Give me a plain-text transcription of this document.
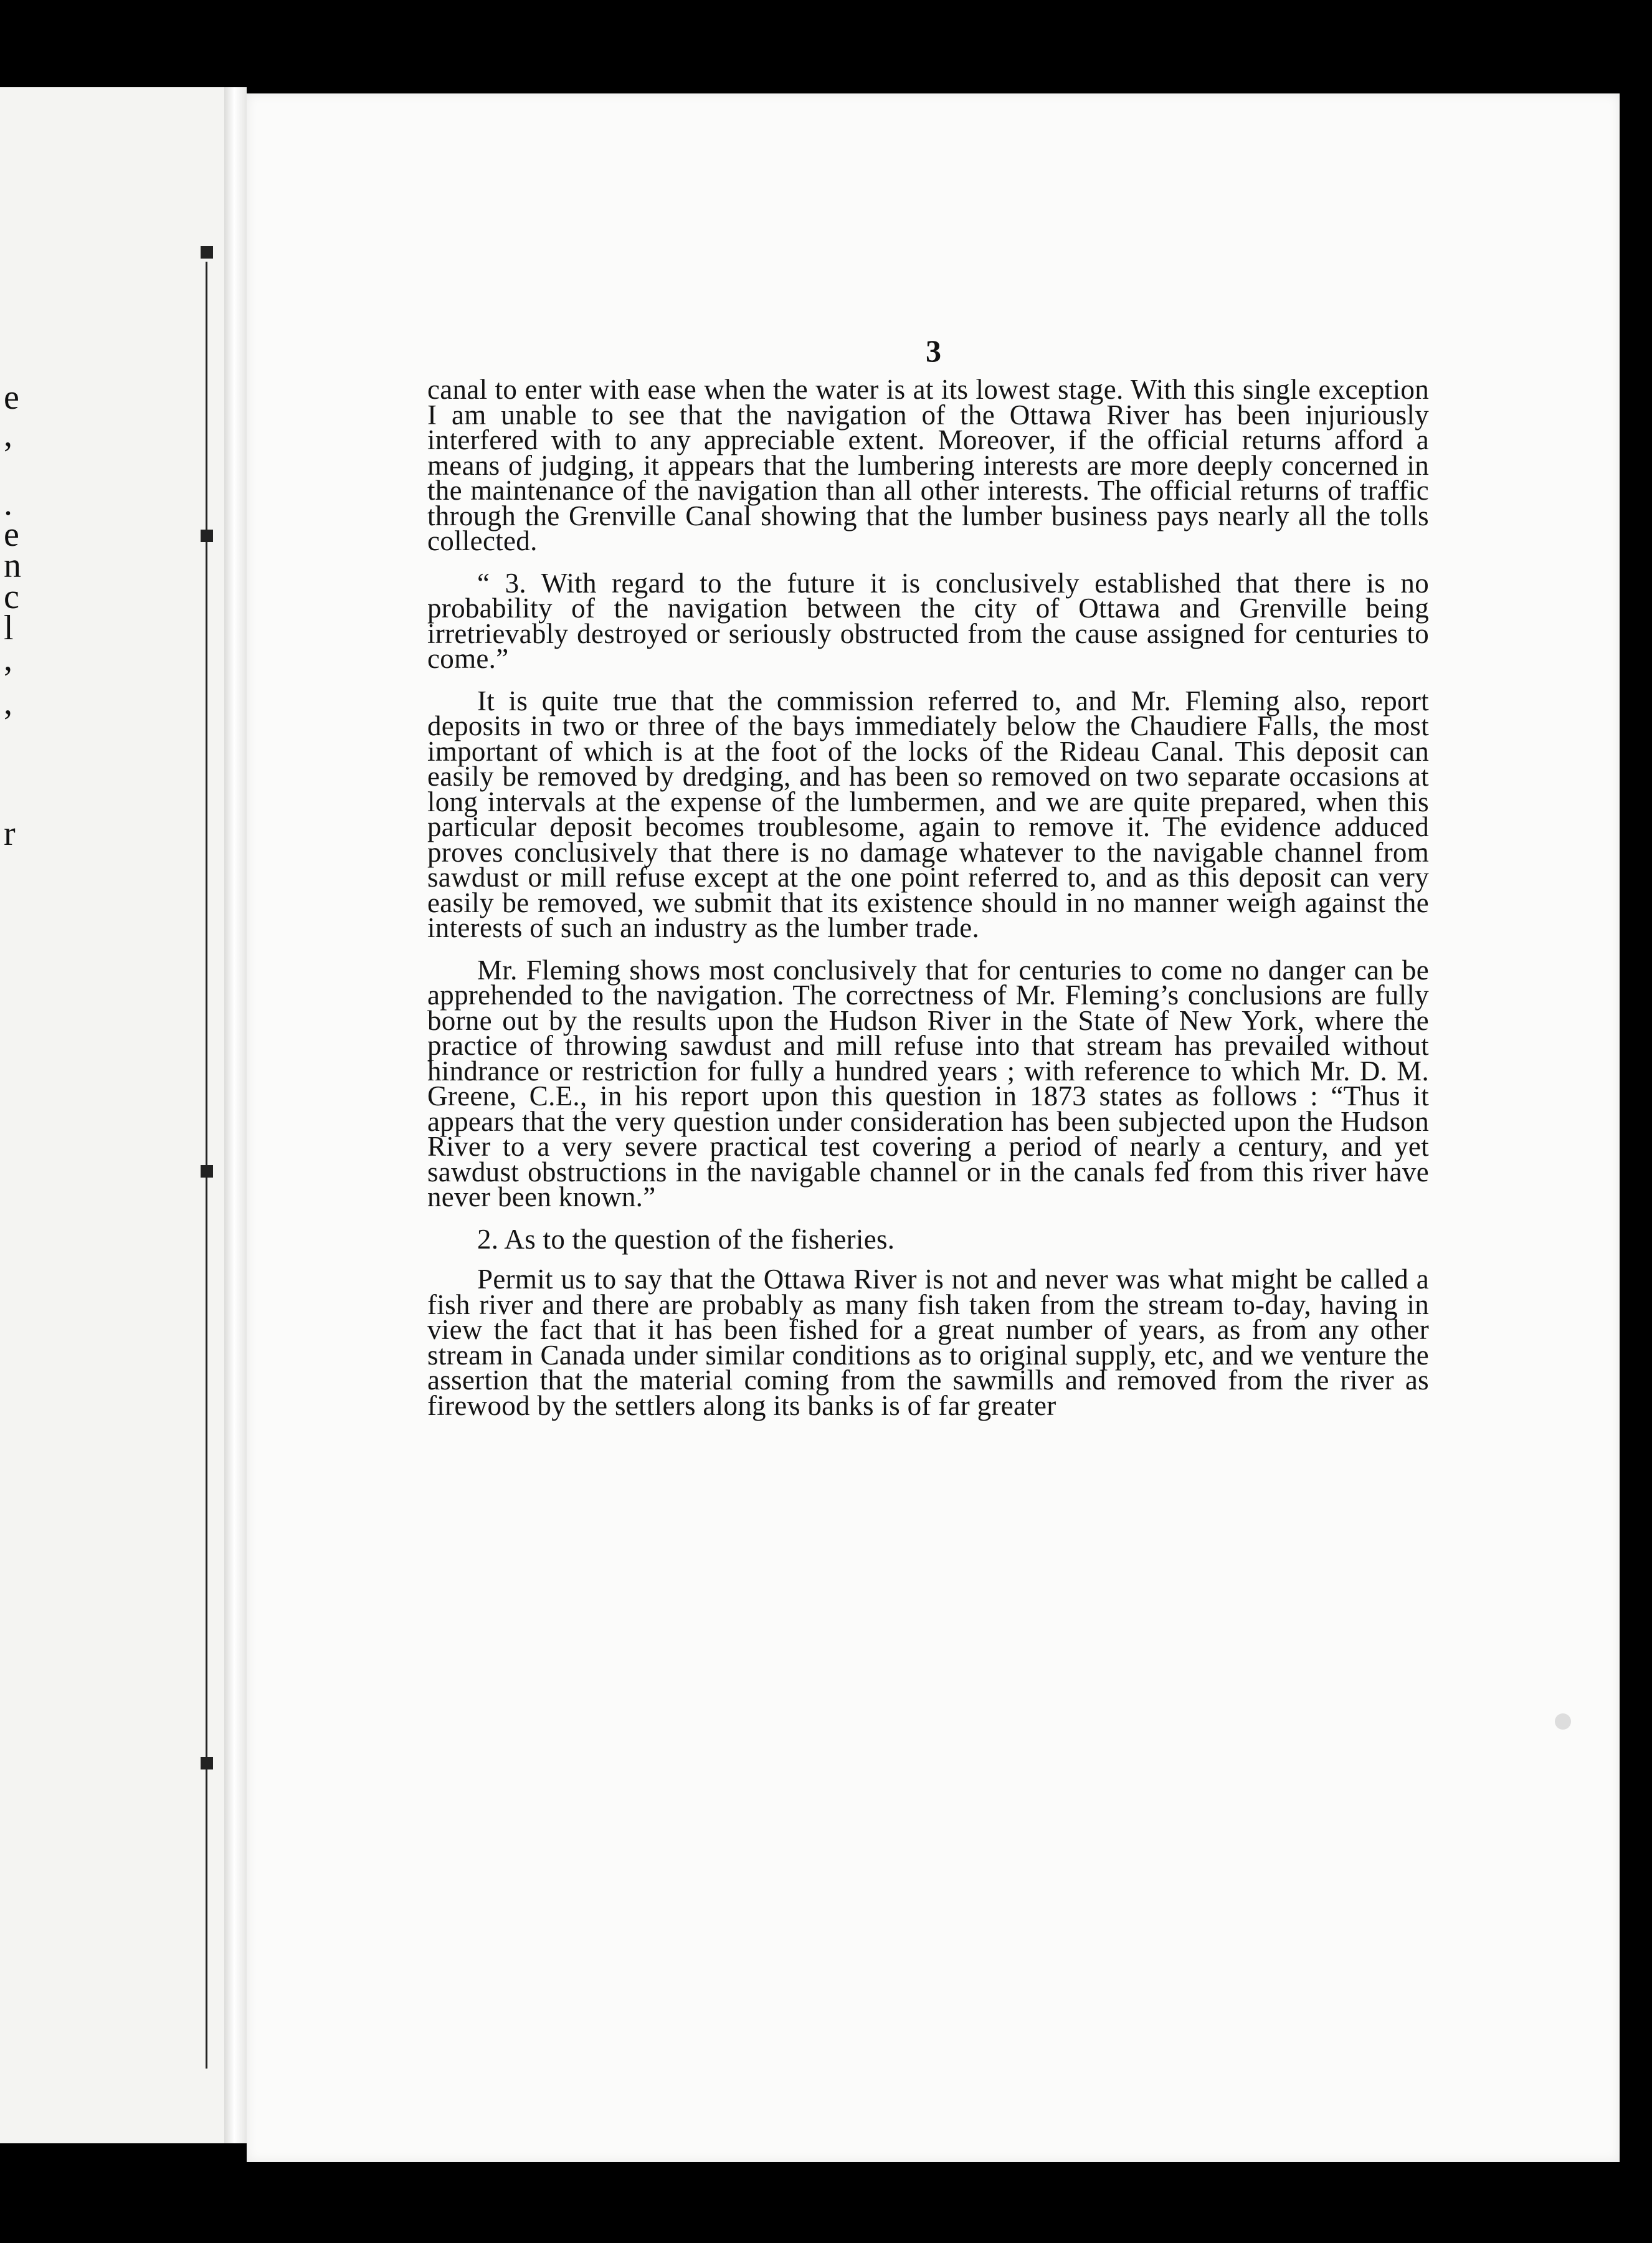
e
,
.
e
n
c
l
,
,
r
3

canal to enter with ease when the water is at its lowest stage. With this single exception I am unable to see that the navigation of the Ottawa River has been injuriously interfered with to any appreciable extent. Moreover, if the official returns afford a means of judging, it appears that the lumbering interests are more deeply concerned in the maintenance of the navigation than all other interests. The official returns of traffic through the Grenville Canal showing that the lumber business pays nearly all the tolls collected.

“ 3. With regard to the future it is conclusively established that there is no probability of the navigation between the city of Ottawa and Grenville being irretrievably destroyed or seriously obstructed from the cause assigned for centuries to come.”

It is quite true that the commission referred to, and Mr. Fleming also, report deposits in two or three of the bays immediately below the Chaudiere Falls, the most important of which is at the foot of the locks of the Rideau Canal. This deposit can easily be removed by dredging, and has been so removed on two separate occasions at long intervals at the expense of the lumbermen, and we are quite prepared, when this particular deposit becomes troublesome, again to remove it. The evidence adduced proves conclusively that there is no damage whatever to the navigable channel from sawdust or mill refuse except at the one point referred to, and as this deposit can very easily be removed, we submit that its existence should in no manner weigh against the interests of such an industry as the lumber trade.

Mr. Fleming shows most conclusively that for centuries to come no danger can be apprehended to the navigation. The correctness of Mr. Fleming’s conclusions are fully borne out by the results upon the Hudson River in the State of New York, where the practice of throwing sawdust and mill refuse into that stream has prevailed without hindrance or restriction for fully a hundred years ; with reference to which Mr. D. M. Greene, C.E., in his report upon this question in 1873 states as follows : “Thus it appears that the very question under consideration has been subjected upon the Hudson River to a very severe practical test covering a period of nearly a century, and yet sawdust obstructions in the navigable channel or in the canals fed from this river have never been known.”

2. As to the question of the fisheries.

Permit us to say that the Ottawa River is not and never was what might be called a fish river and there are probably as many fish taken from the stream to-day, having in view the fact that it has been fished for a great number of years, as from any other stream in Canada under similar conditions as to original supply, etc, and we venture the assertion that the material coming from the sawmills and removed from the river as firewood by the settlers along its banks is of far greater
